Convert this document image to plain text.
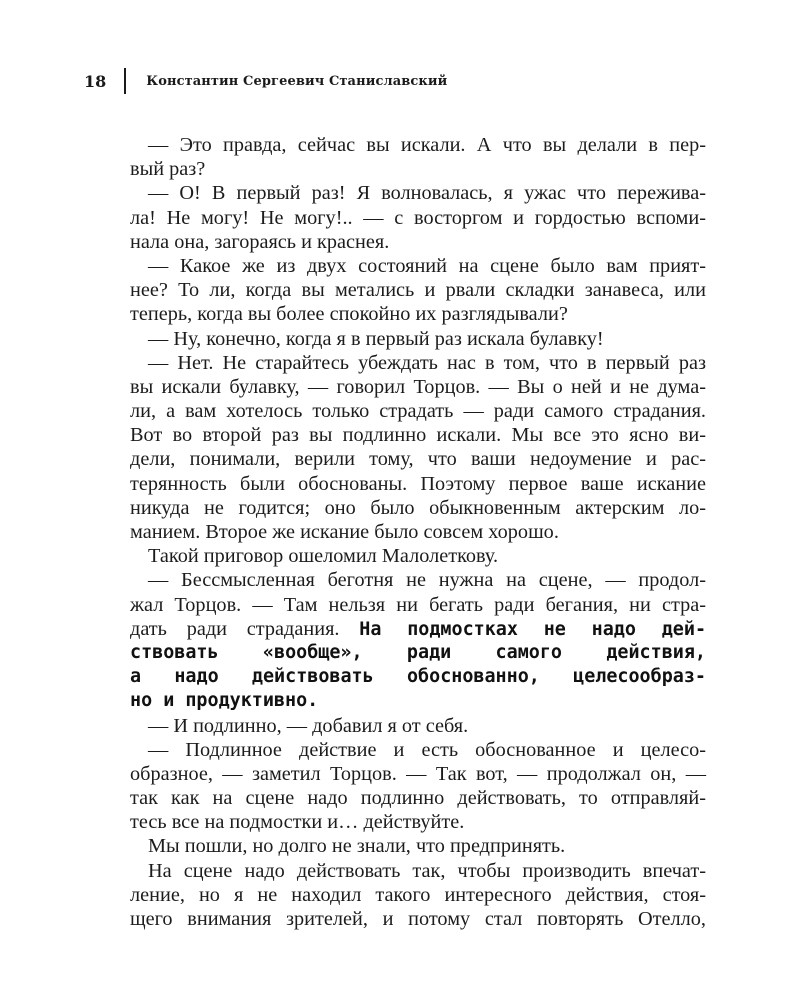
18	Константин Сергеевич Станиславский
— Это правда, сейчас вы искали. А что вы делали в пер-
вый раз?
— О! В первый раз! Я волновалась, я ужас что пережива-
ла! Не могу! Не могу!.. — с восторгом и гордостью вспоми-
нала она, загораясь и краснея.
— Какое же из двух состояний на сцене было вам прият-
нее? То ли, когда вы метались и рвали складки занавеса, или
теперь, когда вы более спокойно их разглядывали?
— Ну, конечно, когда я в первый раз искала булавку!
— Нет. Не старайтесь убеждать нас в том, что в первый раз
вы искали булавку, — говорил Торцов. — Вы о ней и не дума-
ли, а вам хотелось только страдать — ради самого страдания.
Вот во второй раз вы подлинно искали. Мы все это ясно ви-
дели, понимали, верили тому, что ваши недоумение и рас-
терянность были обоснованы. Поэтому первое ваше искание
никуда не годится; оно было обыкновенным актерским ло-
манием. Второе же искание было совсем хорошо.
Такой приговор ошеломил Малолеткову.
— Бессмысленная беготня не нужна на сцене, — продол-
жал Торцов. — Там нельзя ни бегать ради бегания, ни стра-
дать ради страдания. На подмостках не надо дей-
ствовать «вообще», ради самого действия,
а надо действовать обоснованно, целесообраз-
но и продуктивно.
— И подлинно, — добавил я от себя.
— Подлинное действие и есть обоснованное и целесо-
образное, — заметил Торцов. — Так вот, — продолжал он, —
так как на сцене надо подлинно действовать, то отправляй-
тесь все на подмостки и… действуйте.
Мы пошли, но долго не знали, что предпринять.
На сцене надо действовать так, чтобы производить впечат-
ление, но я не находил такого интересного действия, стоя-
щего внимания зрителей, и потому стал повторять Отелло,
